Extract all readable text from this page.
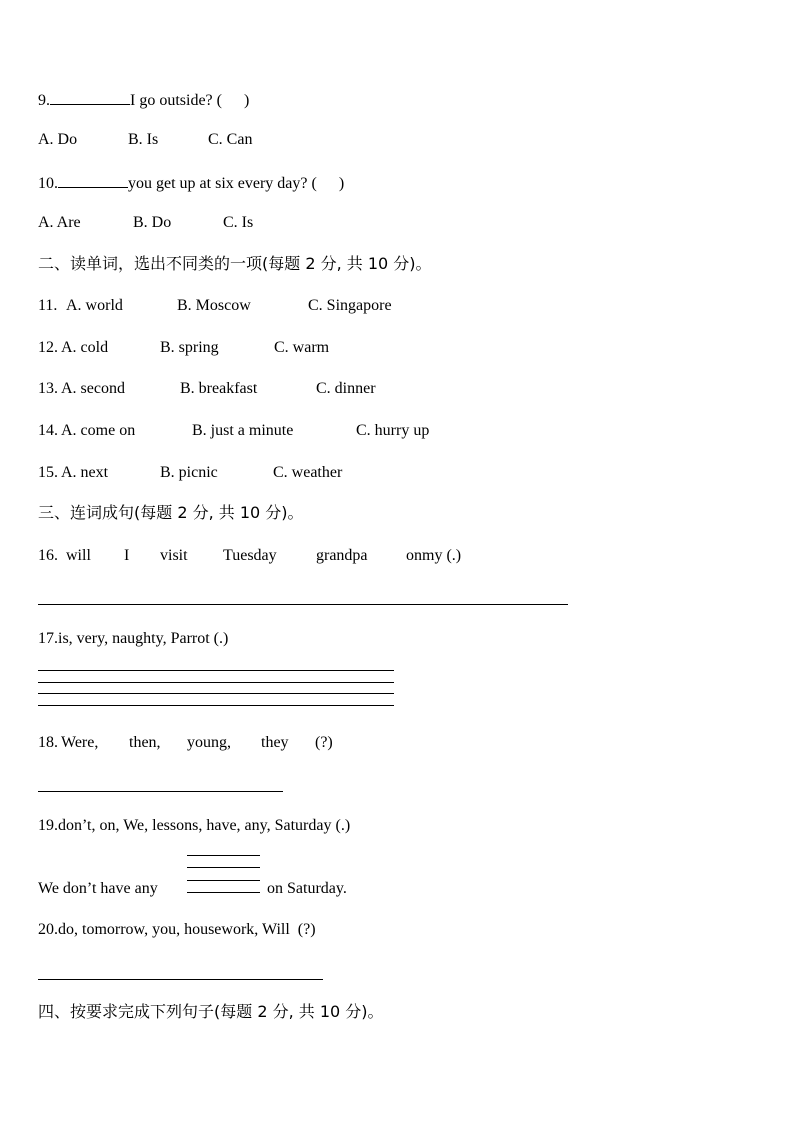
9.	I go outside? ( )
A. Do	B. Is	C. Can
10.	you get up at six every day? ( )
A. Are	B. Do	C. Is
二、读单词，选出不同类的一项(每题 2 分, 共 10 分)。
11. A. world	B. Moscow	C. Singapore
12. A. cold	B. spring	C. warm
13. A. second	B. breakfast	C. dinner
14. A. come on	B. just a minute	C. hurry up
15. A. next	B. picnic	C. weather
三、连词成句(每题 2 分, 共 10 分)。
16. will I visit Tuesday grandpa onmy (.)
17.is, very, naughty, Parrot (.)
18. Were, then, young, they (?)
19.don’t, on, We, lessons, have, any, Saturday (.)
We don’t have any	on Saturday.
20.do, tomorrow, you, housework, Will  (?)
四、按要求完成下列句子(每题 2 分, 共 10 分)。
